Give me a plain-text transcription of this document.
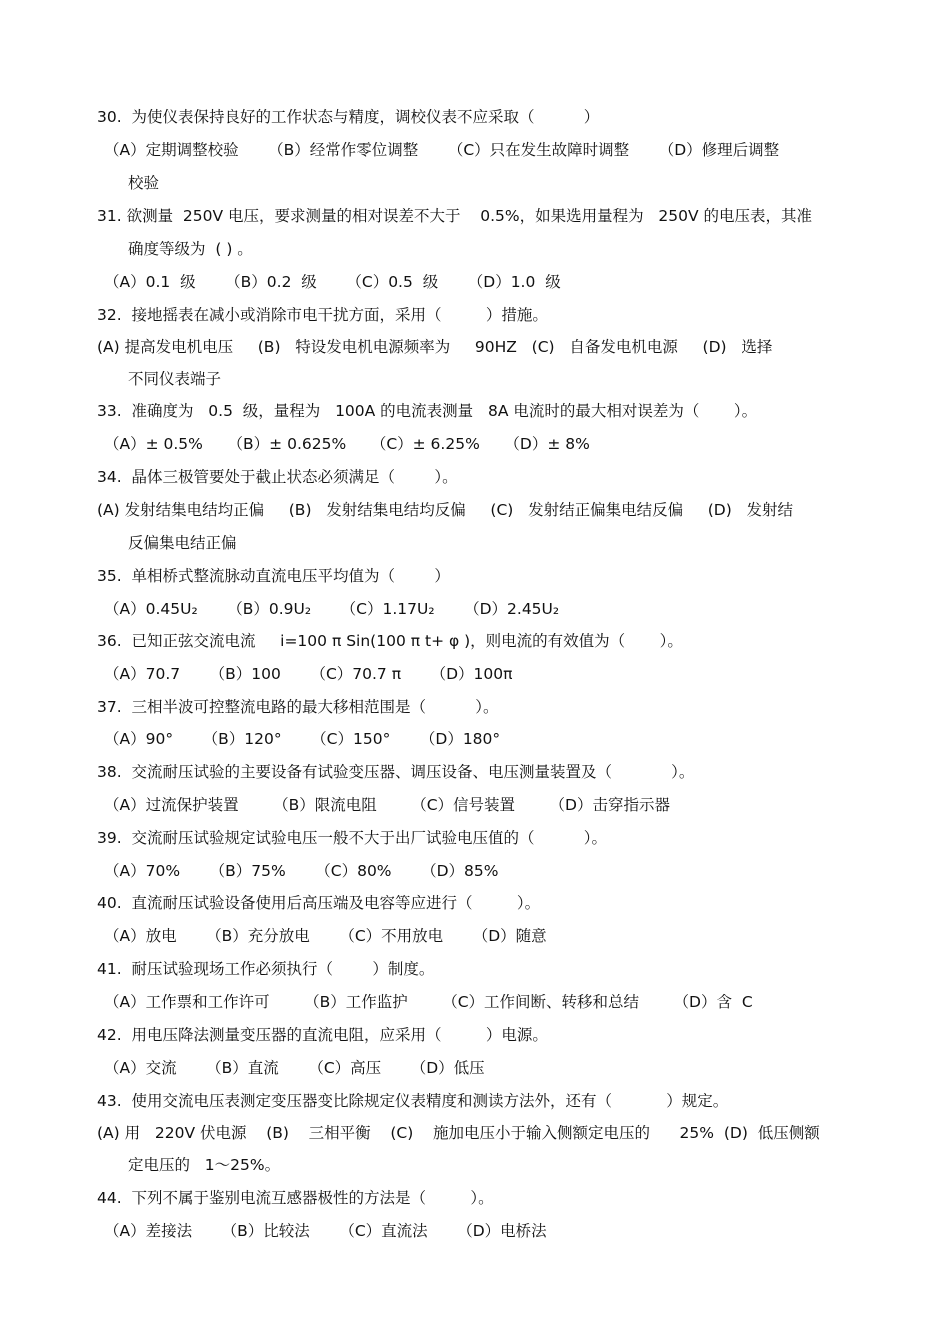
30.  为使仪表保持良好的工作状态与精度，调校仪表不应采取（          ）
（A）定期调整校验      （B）经常作零位调整      （C）只在发生故障时调整      （D）修理后调整
校验
31. 欲测量  250V 电压，要求测量的相对误差不大于    0.5%，如果选用量程为   250V 的电压表，其准
确度等级为  ( ) 。
（A）0.1  级      （B）0.2  级      （C）0.5  级      （D）1.0  级
32.  接地摇表在减小或消除市电干扰方面，采用（         ）措施。
(A) 提高发电机电压     (B)   特设发电机电源频率为     90HZ   (C)   自备发电机电源     (D)   选择
不同仪表端子
33.  准确度为   0.5  级，量程为   100A 的电流表测量   8A 电流时的最大相对误差为（       ）。
（A）± 0.5%     （B）± 0.625%     （C）± 6.25%     （D）± 8%
34.  晶体三极管要处于截止状态必须满足（        ）。
(A) 发射结集电结均正偏     (B)   发射结集电结均反偏     (C)   发射结正偏集电结反偏     (D)   发射结
反偏集电结正偏
35.  单相桥式整流脉动直流电压平均值为（        ）
（A）0.45U₂      （B）0.9U₂      （C）1.17U₂      （D）2.45U₂
36.  已知正弦交流电流     i=100 π Sin(100 π t+ φ )，则电流的有效值为（       ）。
（A）70.7      （B）100      （C）70.7 π      （D）100π
37.  三相半波可控整流电路的最大移相范围是（          ）。
（A）90°      （B）120°      （C）150°      （D）180°
38.  交流耐压试验的主要设备有试验变压器、调压设备、电压测量装置及（            ）。
（A）过流保护装置       （B）限流电阻       （C）信号装置       （D）击穿指示器
39.  交流耐压试验规定试验电压一般不大于出厂试验电压值的（          ）。
（A）70%      （B）75%      （C）80%      （D）85%
40.  直流耐压试验设备使用后高压端及电容等应进行（         ）。
（A）放电      （B）充分放电      （C）不用放电      （D）随意
41.  耐压试验现场工作必须执行（        ）制度。
（A）工作票和工作许可       （B）工作监护       （C）工作间断、转移和总结       （D）含  C
42.  用电压降法测量变压器的直流电阻，应采用（         ）电源。
（A）交流      （B）直流      （C）高压      （D）低压
43.  使用交流电压表测定变压器变比除规定仪表精度和测读方法外，还有（           ）规定。
(A) 用   220V 伏电源    (B)    三相平衡    (C)    施加电压小于输入侧额定电压的      25%  (D)  低压侧额
定电压的   1～25%。
44.  下列不属于鉴别电流互感器极性的方法是（         ）。
（A）差接法      （B）比较法      （C）直流法      （D）电桥法
